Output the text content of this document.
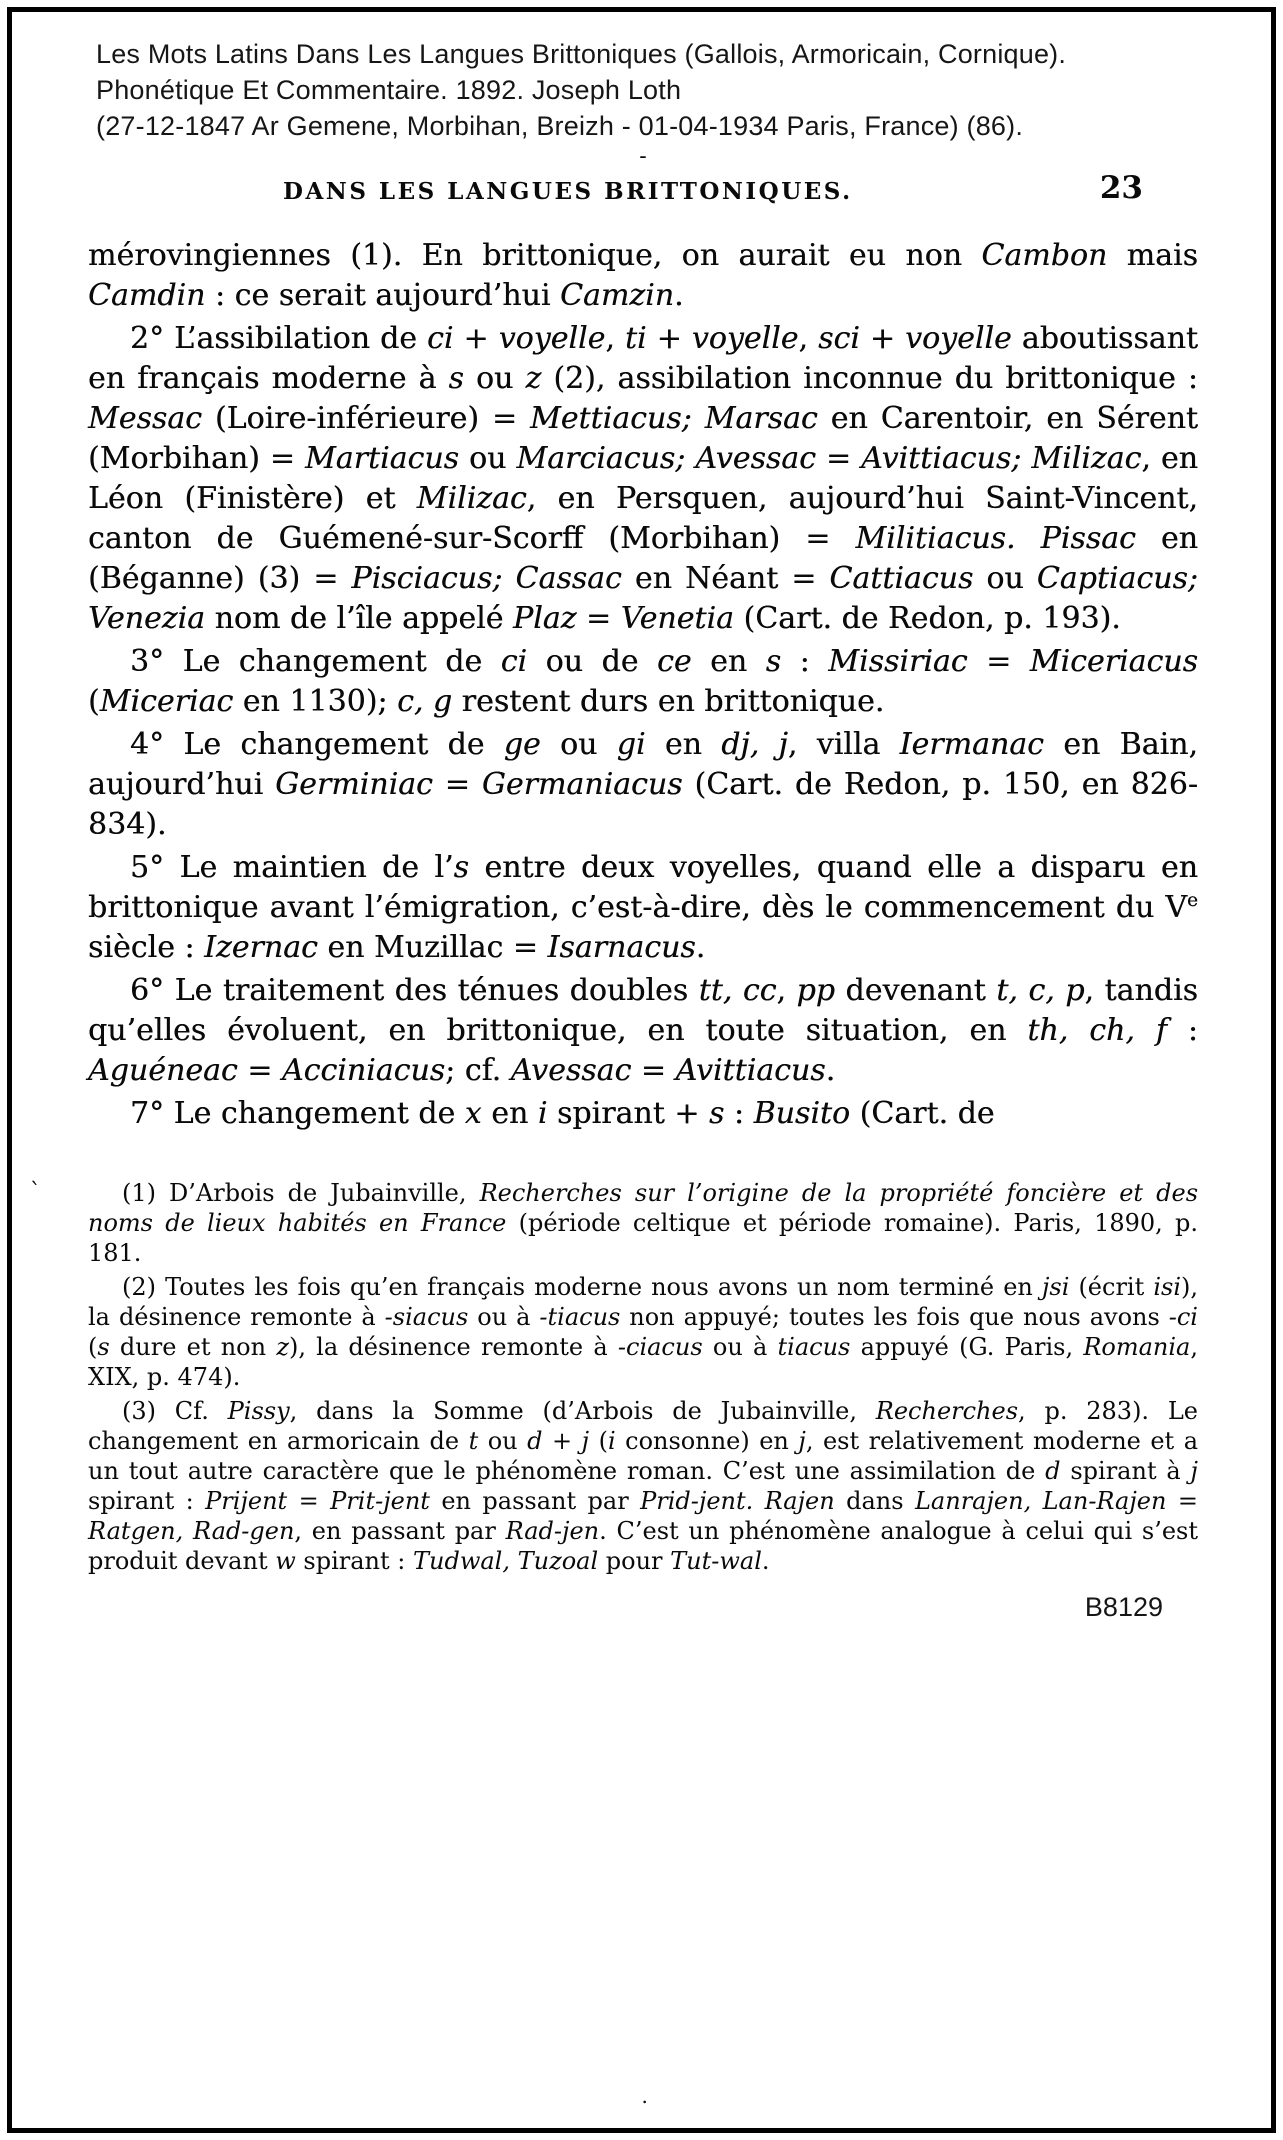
Les Mots Latins Dans Les Langues Brittoniques (Gallois, Armoricain, Cornique).
Phonétique Et Commentaire. 1892. Joseph Loth
(27-12-1847 Ar Gemene, Morbihan, Breizh - 01-04-1934 Paris, France) (86).
-
DANS LES LANGUES BRITTONIQUES.	23

mérovingiennes (1). En brittonique, on aurait eu non Cambon mais Camdin : ce serait aujourd’hui Camzin.

2° L’assibilation de ci + voyelle, ti + voyelle, sci + voyelle aboutissant en français moderne à s ou z (2), assibilation inconnue du brittonique : Messac (Loire-inférieure) = Mettiacus; Marsac en Carentoir, en Sérent (Morbihan) = Martiacus ou Marciacus; Avessac = Avittiacus; Milizac, en Léon (Finistère) et Milizac, en Persquen, aujourd’hui Saint-Vincent, canton de Guémené-sur-Scorff (Morbihan) = Militiacus. Pissac en (Béganne) (3) = Pisciacus; Cassac en Néant = Cattiacus ou Captiacus; Venezia nom de l’île appelé Plaz = Venetia (Cart. de Redon, p. 193).

3° Le changement de ci ou de ce en s : Missiriac = Miceriacus (Miceriac en 1130); c, g restent durs en brittonique.

4° Le changement de ge ou gi en dj, j, villa Iermanac en Bain, aujourd’hui Germiniac = Germaniacus (Cart. de Redon, p. 150, en 826-834).

5° Le maintien de l’s entre deux voyelles, quand elle a disparu en brittonique avant l’émigration, c’est-à-dire, dès le commencement du Ve siècle : Izernac en Muzillac = Isarnacus.

6° Le traitement des ténues doubles tt, cc, pp devenant t, c, p, tandis qu’elles évoluent, en brittonique, en toute situation, en th, ch, f : Aguéneac = Acciniacus; cf. Avessac = Avittiacus.

7° Le changement de x en i spirant + s : Busito (Cart. de

(1) D’Arbois de Jubainville, Recherches sur l’origine de la propriété foncière et des noms de lieux habités en France (période celtique et période romaine). Paris, 1890, p. 181.

(2) Toutes les fois qu’en français moderne nous avons un nom terminé en jsi (écrit isi), la désinence remonte à -siacus ou à -tiacus non appuyé; toutes les fois que nous avons -ci (s dure et non z), la désinence remonte à -ciacus ou à tiacus appuyé (G. Paris, Romania, XIX, p. 474).

(3) Cf. Pissy, dans la Somme (d’Arbois de Jubainville, Recherches, p. 283). Le changement en armoricain de t ou d + j (i consonne) en j, est relativement moderne et a un tout autre caractère que le phénomène roman. C’est une assimilation de d spirant à j spirant : Prijent = Prit-jent en passant par Prid-jent. Rajen dans Lanrajen, Lan-Rajen = Ratgen, Rad-gen, en passant par Rad-jen. C’est un phénomène analogue à celui qui s’est produit devant w spirant : Tudwal, Tuzoal pour Tut-wal.

B8129
`
.
